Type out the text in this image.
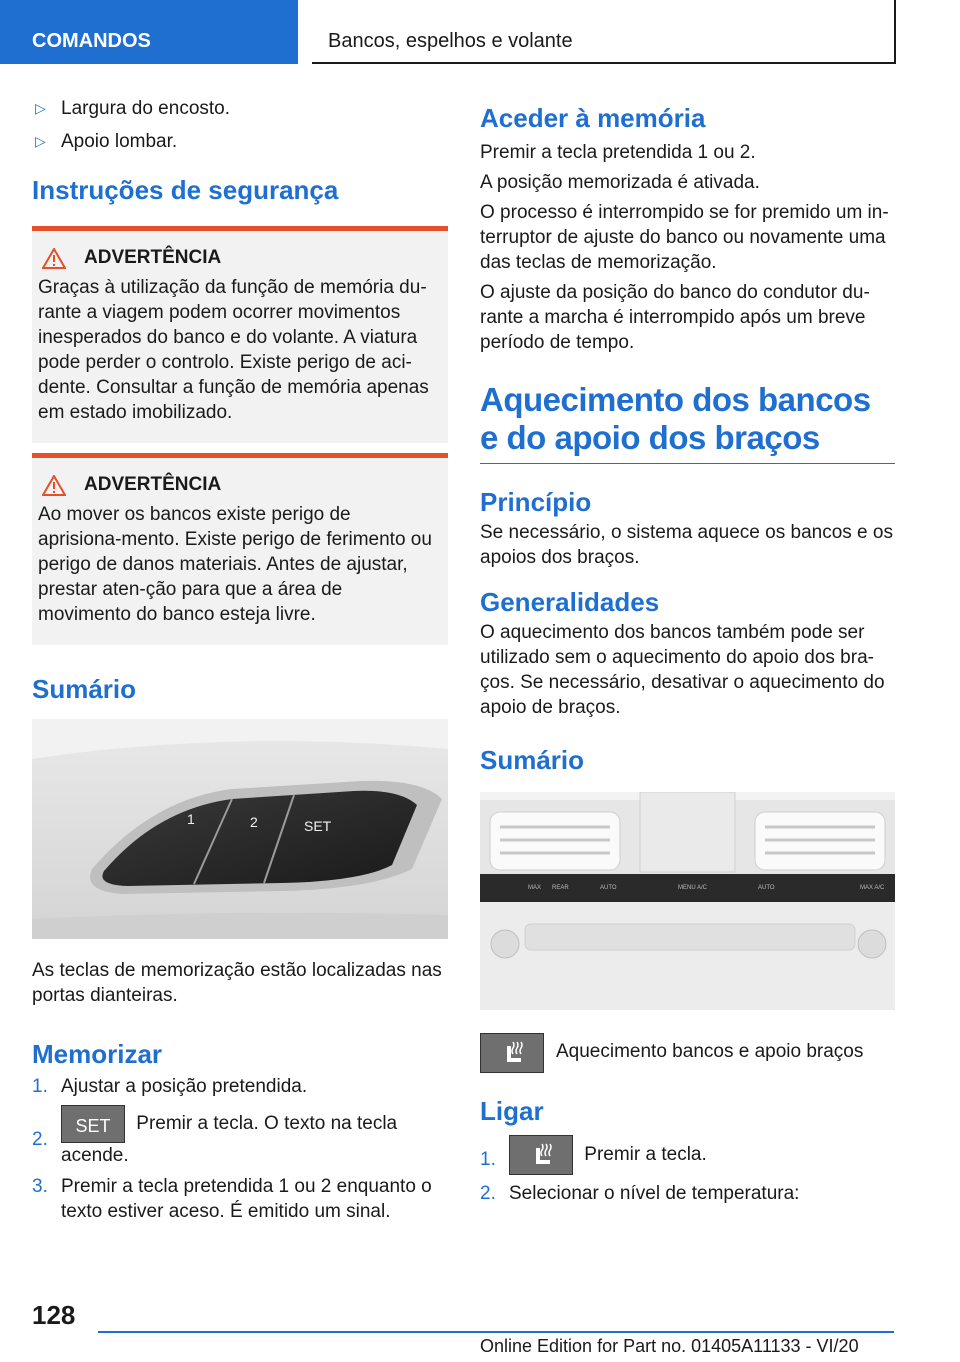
COMANDOS	Bancos, espelhos e volante
▷ Largura do encosto.
▷ Apoio lombar.
Instruções de segurança
ADVERTÊNCIA
Graças à utilização da função de memória du-rante a viagem podem ocorrer movimentos inesperados do banco e do volante. A viatura pode perder o controlo. Existe perigo de aci-dente. Consultar a função de memória apenas em estado imobilizado.
ADVERTÊNCIA
Ao mover os bancos existe perigo de aprisiona-mento. Existe perigo de ferimento ou perigo de danos materiais. Antes de ajustar, prestar aten-ção para que a área de movimento do banco esteja livre.
Sumário
1	2	SET
As teclas de memorização estão localizadas nas portas dianteiras.
Memorizar
1. Ajustar a posição pretendida.
2.
SET	Premir a tecla. O texto na tecla acende.
3. Premir a tecla pretendida 1 ou 2 enquanto o texto estiver aceso. É emitido um sinal.
Aceder à memória
Premir a tecla pretendida 1 ou 2.
A posição memorizada é ativada.
O processo é interrompido se for premido um in-terruptor de ajuste do banco ou novamente uma das teclas de memorização.
O ajuste da posição do banco do condutor du-rante a marcha é interrompido após um breve período de tempo.
Aquecimento dos bancos e do apoio dos braços
Princípio
Se necessário, o sistema aquece os bancos e os apoios dos braços.
Generalidades
O aquecimento dos bancos também pode ser utilizado sem o aquecimento do apoio dos bra-ços. Se necessário, desativar o aquecimento do apoio de braços.
Sumário
MAX REAR	AUTO	MENU A/C	AUTO	MAX A/C
Aquecimento bancos e apoio braços
Ligar
1.	Premir a tecla.
2. Selecionar o nível de temperatura:
128
Online Edition for Part no. 01405A11133 - VI/20
